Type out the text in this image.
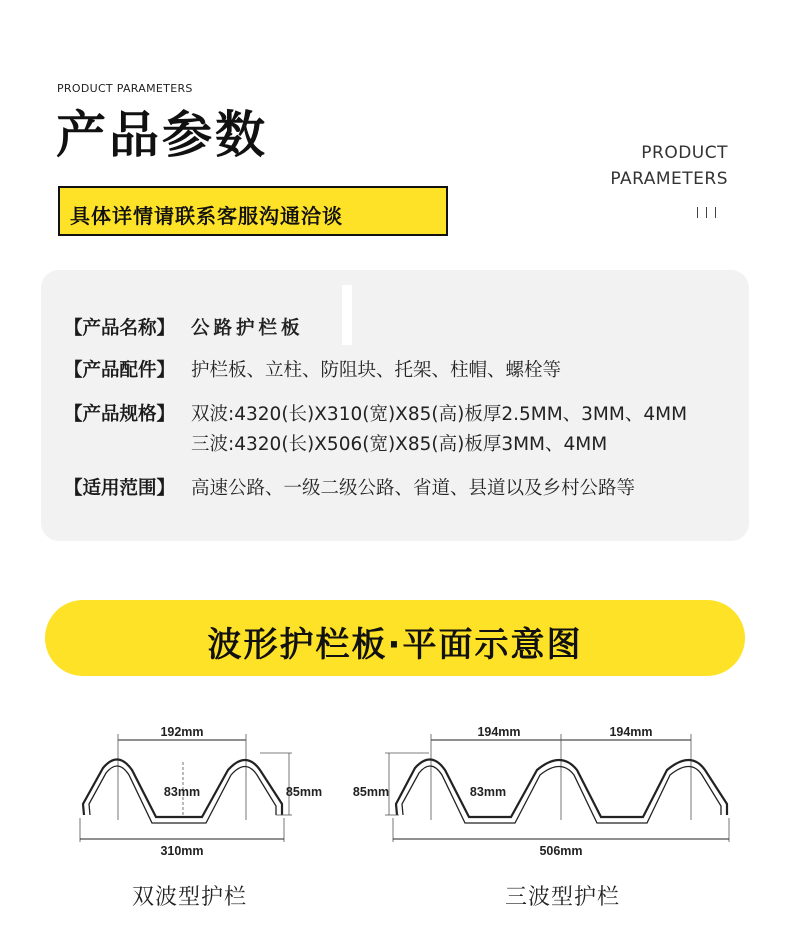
PRODUCT PARAMETERS
产品参数	PRODUCT
PARAMETERS
具体详情请联系客服沟通洽谈
【产品名称】 公路护栏板
【产品配件】 护栏板、立柱、防阻块、托架、柱帽、螺栓等
【产品规格】 双波:4320(长)X310(宽)X85(高)板厚2.5MM、3MM、4MM
三波:4320(长)X506(宽)X85(高)板厚3MM、4MM
【适用范围】 高速公路、一级二级公路、省道、县道以及乡村公路等
波形护栏板·平面示意图
192mm
83mm	85mm
310mm
194mm	194mm
85mm	83mm
506mm
双波型护栏	三波型护栏
